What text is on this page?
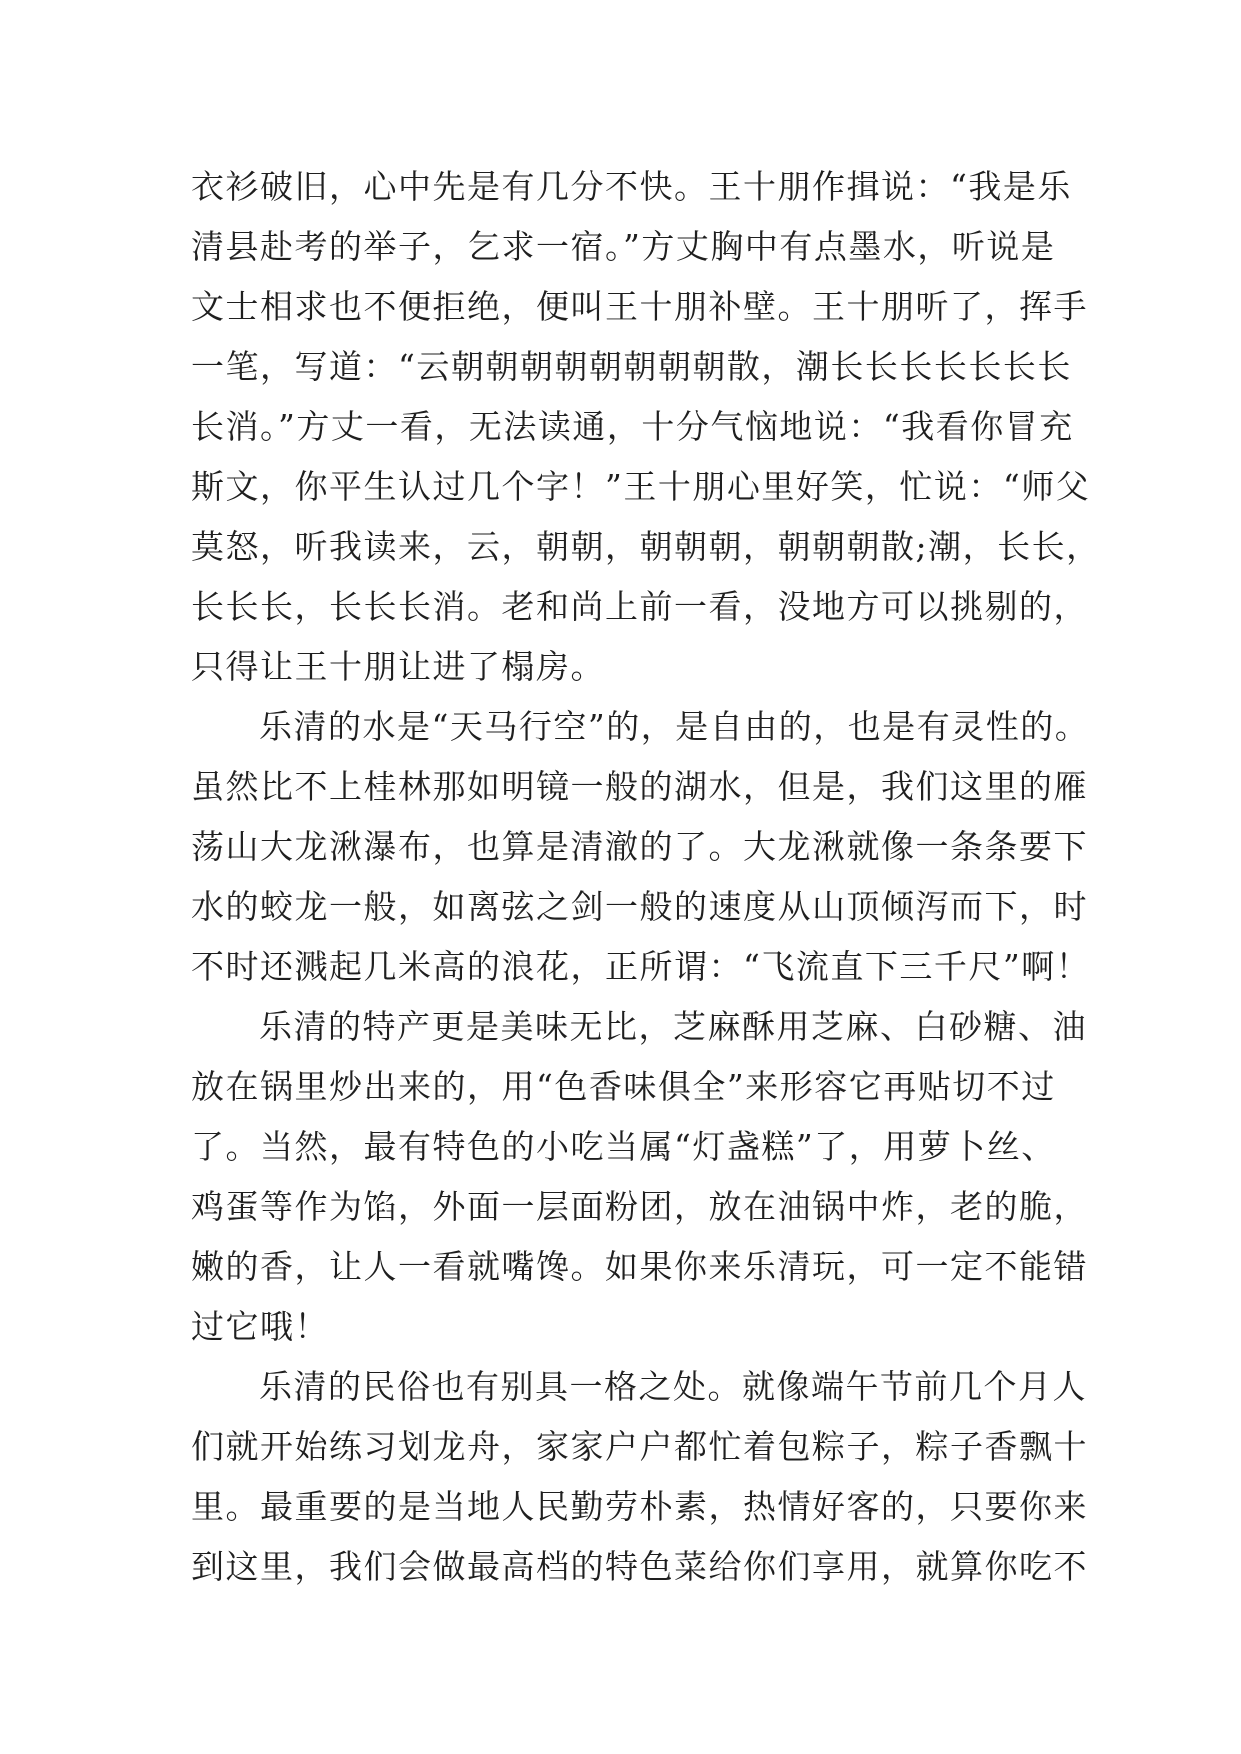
衣衫破旧，心中先是有几分不快。王十朋作揖说：“我是乐
清县赴考的举子，乞求一宿。”方丈胸中有点墨水，听说是
文士相求也不便拒绝，便叫王十朋补壁。王十朋听了，挥手
一笔，写道：“云朝朝朝朝朝朝朝朝散，潮长长长长长长长
长消。”方丈一看，无法读通，十分气恼地说：“我看你冒充
斯文，你平生认过几个字！”王十朋心里好笑，忙说：“师父
莫怒，听我读来，云，朝朝，朝朝朝，朝朝朝散;潮，长长，
长长长，长长长消。老和尚上前一看，没地方可以挑剔的，
只得让王十朋让进了榻房。
乐清的水是“天马行空”的，是自由的，也是有灵性的。
虽然比不上桂林那如明镜一般的湖水，但是，我们这里的雁
荡山大龙湫瀑布，也算是清澈的了。大龙湫就像一条条要下
水的蛟龙一般，如离弦之剑一般的速度从山顶倾泻而下，时
不时还溅起几米高的浪花，正所谓：“飞流直下三千尺”啊！
乐清的特产更是美味无比，芝麻酥用芝麻、白砂糖、油
放在锅里炒出来的，用“色香味俱全”来形容它再贴切不过
了。当然，最有特色的小吃当属“灯盏糕”了，用萝卜丝、
鸡蛋等作为馅，外面一层面粉团，放在油锅中炸，老的脆，
嫩的香，让人一看就嘴馋。如果你来乐清玩，可一定不能错
过它哦！
乐清的民俗也有别具一格之处。就像端午节前几个月人
们就开始练习划龙舟，家家户户都忙着包粽子，粽子香飘十
里。最重要的是当地人民勤劳朴素，热情好客的，只要你来
到这里，我们会做最高档的特色菜给你们享用，就算你吃不
